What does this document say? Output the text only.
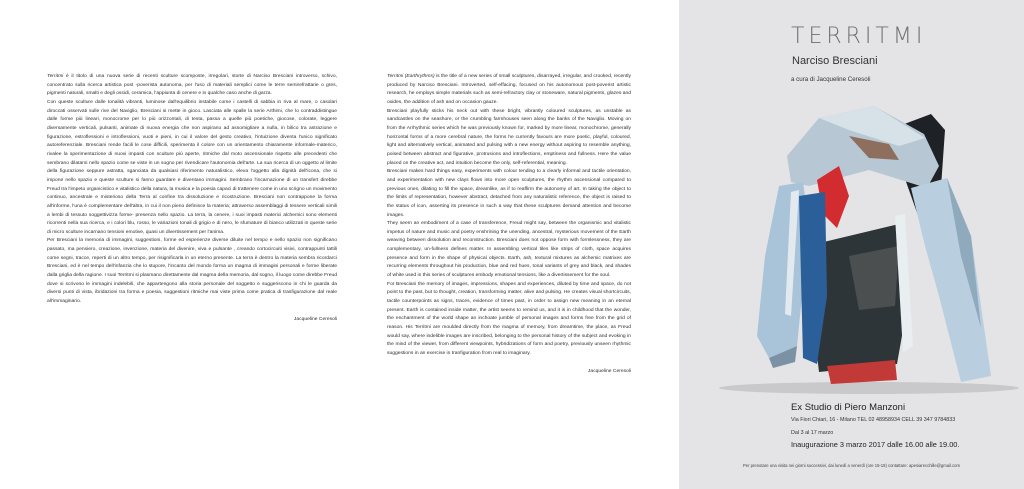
Territmi è il titolo di una nuova serie di recenti sculture scomposte, irregolari, storte di Narciso Bresciani introverso, schivo, concentrato sulla ricerca artistica post -poverista autonoma, per l'uso di materiali semplici come le terre semirefrattarie o gres, pigmenti naturali, smalti e degli ossidi, ceramica, l'appiunta di cenere e in qualche caso anche di garza.

Con queste sculture dalle tonalità vibranti, luminose dall'equilibrio instabile come i castelli di sabbia in riva al mare, o casolari diroccati osservati sulle rive del Naviglio, Bresciani si mette in gioco. Lasciata alle spalle la serie Arthimi, che lo contraddistingue dalle forme più lineari, monocrome per lo più orizzontali, di testa, passa a quelle più poetiche, giocose, colorate, leggere diversamente verticali, pulsanti, animate di nuova energia che non aspirano ad assomigliare a nulla, in bilico tra astrazione e figurazione, estroflessioni e introflessioni, vuoti e pieni, in cui il valore del gesto creativo, l'intuizione diventa l'unico significato autoreferenziale. Bresciani rende facili le cose difficili, sperimenta il colore con un orientamento chiaramente informale-materico, rivalee la sperimentazione di nuovi impasti con sculture più aperte, ritmiche dal moto ascensionale rispetto alle precedenti che sembrano dilatarsi nello spazio come se viste in un sogno per rivendicare l'autonomia dell'arte. La sua ricerca di un oggetto al limite della figurazione seppure astratta, sganciata da qualsiasi riferimento naturalistico, eleva l'oggetto alla dignità dell'icona, che si impone nello spazio e queste sculture si fanno guardare e diventano immagini. Sembrano l'incarnazione di un transfert direbbe Freud tra l'impeto organicistico e vitalistico della natura, la musica e la poesia capaci di trattenere come in uno scrigno un movimento continuo, ancestrale e misterioso della Terra al confine tra dissoluzione e ricostruzione. Bresciani non contrappone la forma all'informe, l'una è complementare dell'altra, in cui il non pieno definisce la materia; attraverso assemblaggi di tessere verticali simili a lembi di tessuto soggettivizza forme- presenza nello spazio. La terra, la cenere, i suoi impasti materici alchemici sono elementi ricorrenti nella sua ricerca, e i colori blu, rosso, le variazioni tonali di grigio e di nero, le sfumature di bianco utilizzati in queste serie di micro sculture incarnano tensioni emotive, quasi un divertissement per l'anima.

Per Bresciani la memoria di immagini, suggestioni, forme ed esperienze diverse diluite nel tempo e nello spazio non significano passato, ma pensiero, creazione, invenzione, materia del divenire, viva e pulsante , creando cortocircuiti visivi, contrappunti tattili come segni, tracce, reperti di un altro tempo, per risignificarla in un eterno presente. La terra è dentro la materia sembra ricordarci Bresciani, ed è nel tempo dell'infanzia che lo stupore, l'incanto del mondo forma un magma di immagini personali e forme liberate dalla griglia della ragione. I suoi Territmi si plasmano direttamente dal magma della memoria, dal sogno, il luogo come direbbe Freud dove si scrivono le immagini indelebili, che appartengono alla storia personale del soggetto e suggeriscono in chi le guarda da diversi punti di vista, ibridazioni tra forma e poesia, suggestioni ritmiche mai viste prima come pratica di trasfigurazione dal reale all'immaginario.

Jacqueline Ceresoli

Territmi (Earthrythms) is the title of a new series of small sculptures, disarrayed, irregular, and crooked, recently produced by Narciso Bresciani. Introverted, self-effacing, focused on his autonomous post-poverist artistic research, he employs simple materials such as semi-refractory clay or stoneware, natural pigments, glazes and oxides, the addition of ash and on occasion gauze.

Bresciani playfully sticks his neck out with these bright, vibrantly coloured sculptures, as unstable as sandcastles on the seashore, or the crumbling farmhouses seen along the banks of the Naviglio. Moving on from the Arrhythmic series which he was previously known for, marked by more linear, monochrome, generally horizontal forms of a more cerebral nature, the forms he currently favours are more poetic, playful, coloured, light and alternatively vertical, animated and pulsing with a new energy without aspiring to resemble anything, poised between abstract and figurative, protrusions and introflections, emptiness and fullness. Here the value placed on the creative act, and intuition become the only, self-referential, meaning.

Bresciani makes hard things easy, experiments with colour tending to a clearly informal and tactile orientation, and experimentation with new clays flows into more open sculptures, the rhythm ascensional compared to previous ones, dilating to fill the space, dreamlike, as if to reaffirm the autonomy of art. In taking the object to the limits of representation, however abstract, detached from any naturalistic reference, the object is raised to the status of icon, asserting its presence in such a way that these sculptures demand attention and become images.

They seem an embodiment of a case of transference, Freud might say, between the organismic and vitalistic impetus of nature and music and poetry enshrining the unending, ancestral, mysterious movement of the Earth weaving between dissolution and reconstruction. Bresciani does not oppose form with formlessness, they are complementary, un-fullness defines matter. In assembling vertical tiles like strips of cloth, space acquires presence and form in the shape of physical objects. Earth, ash, textural mixtures as alchemic matrixes are recurring elements throughout his production, blue and red hues, tonal variants of grey and black, and shades of white used in this series of sculptures embody emotional tensions, like a divertissement for the soul.

For Bresciani the memory of images, impressions, shapes and experiences, diluted by time and space, do not point to the past, but to thought, creation, transforming matter, alive and pulsing. He creates visual shortcircuits, tactile counterpoints as signs, traces, evidence of times past, in order to assign new meaning in an eternal present. Earth is contained inside matter, the artist seems to remind us, and it is in childhood that the wonder, the enchantment of the world shape an inchoate jumble of personal images and forms free from the grid of reason. His Territmi are moulded directly from the magma of memory, from dreamtime, the place, as Freud would say, where indelible images are inscribed, belonging to the personal history of the subject and evoking in the mind of the viewer, from different viewpoints, hybridizations of form and poetry, previously unseen rhythmic suggestions in an exercise in tranfiguration from real to imaginary.

Jacqueline Ceresoli

TERRITMI
Narciso Bresciani
a cura di Jacqueline Ceresoli
Ex Studio di Piero Manzoni
Via Fiori Chiari, 16 - Milano TEL 02 48958934 CELL 39 347 9784833
Dal 3 al 17 marzo
Inaugurazione 3 marzo 2017 dalle 16.00 alle 19.00.
Per prenotare una visita nei giorni successivi, dai lunedì a venerdì (ore 15-18) contattare: apesiarecchille@gmail.com
